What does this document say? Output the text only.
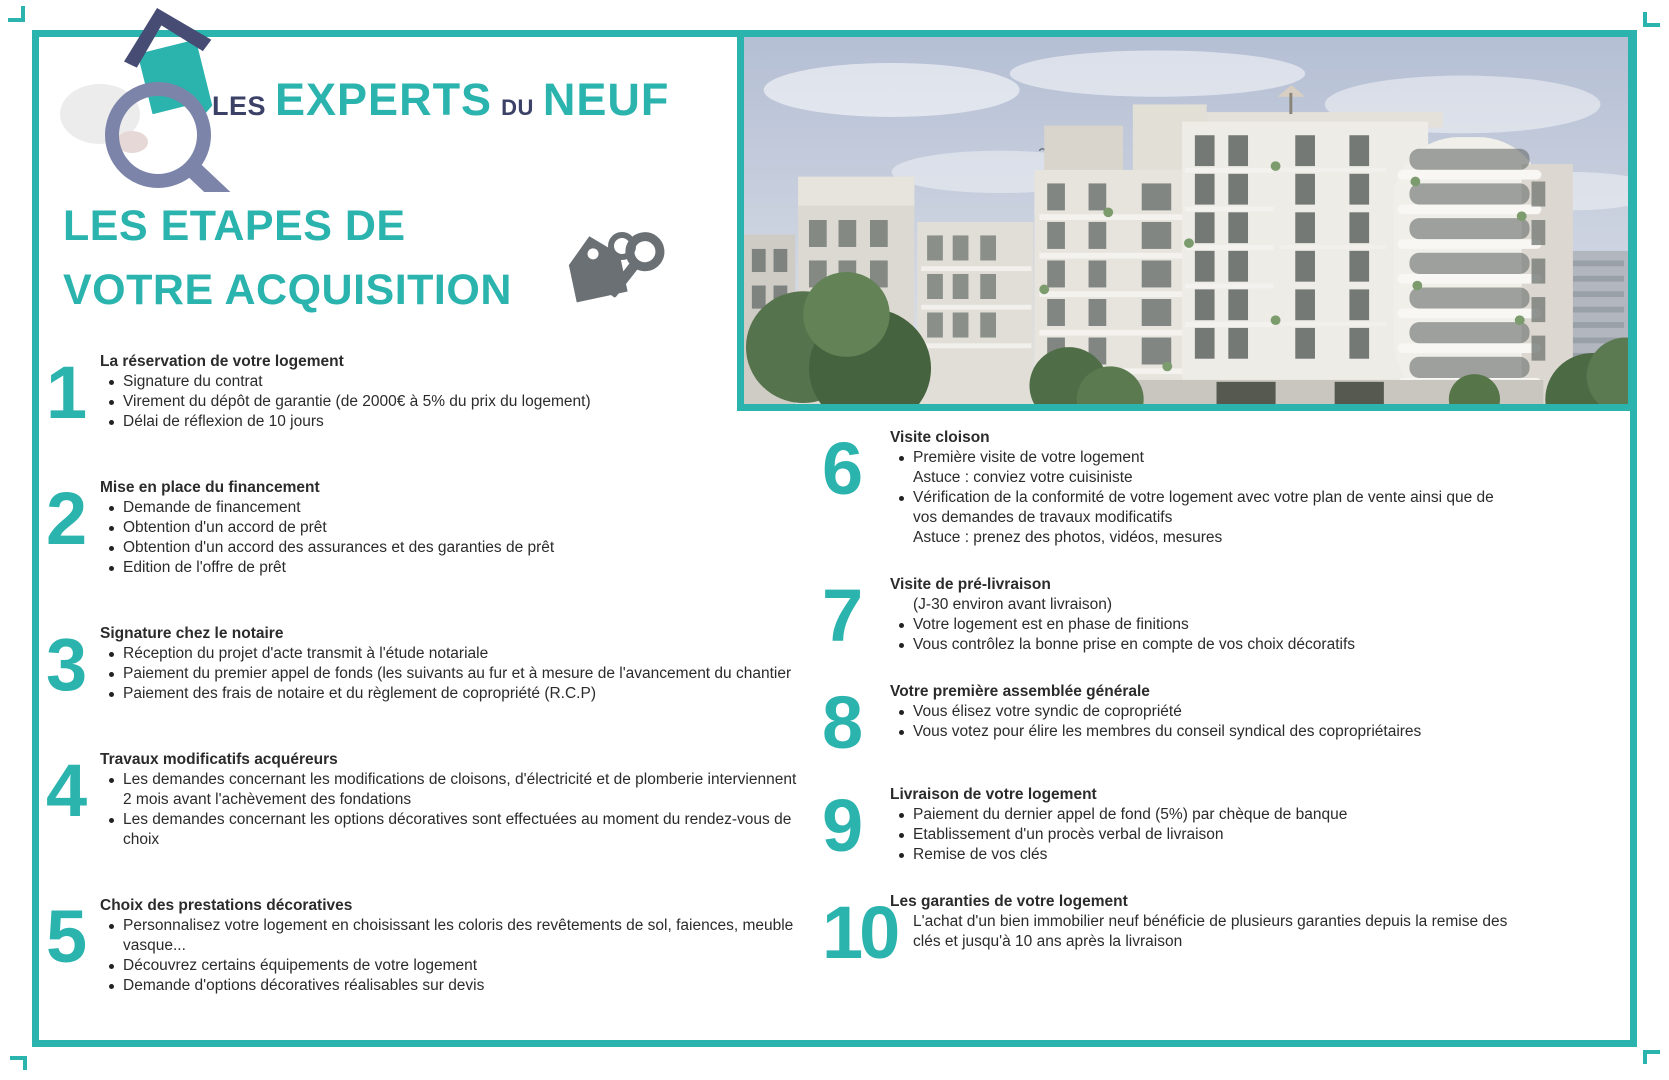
LES EXPERTS DU NEUF
LES ETAPES DE
VOTRE ACQUISITION
1	La réservation de votre logement
Signature du contrat
Virement du dépôt de garantie (de 2000€ à 5% du prix du logement)
Délai de réflexion de 10 jours
2	Mise en place du financement
Demande de financement
Obtention d'un accord de prêt
Obtention d'un accord des assurances et des garanties de prêt
Edition de l'offre de prêt
3	Signature chez le notaire
Réception du projet d'acte transmit à l'étude notariale
Paiement du premier appel de fonds (les suivants au fur et à mesure de l'avancement du chantier
Paiement des frais de notaire et du règlement de copropriété (R.C.P)
4	Travaux modificatifs acquéreurs
Les demandes concernant les modifications de cloisons, d'électricité et de plomberie interviennent 2 mois avant l'achèvement des fondations
Les demandes concernant les options décoratives sont effectuées au moment du rendez-vous de choix
5	Choix des prestations décoratives
Personnalisez votre logement en choisissant les coloris des revêtements de sol, faiences, meuble vasque...
Découvrez certains équipements de votre logement
Demande d'options décoratives réalisables sur devis
6	Visite cloison
Première visite de votre logement
Astuce : conviez votre cuisiniste
Vérification de la conformité de votre logement avec votre plan de vente ainsi que de vos demandes de travaux modificatifs
Astuce : prenez des photos, vidéos, mesures
7	Visite de pré-livraison
(J-30 environ avant livraison)
Votre logement est en phase de finitions
Vous contrôlez la bonne prise en compte de vos choix décoratifs
8	Votre première assemblée générale
Vous élisez votre syndic de copropriété
Vous votez pour élire les membres du conseil syndical des copropriétaires
9	Livraison de votre logement
Paiement du dernier appel de fond (5%) par chèque de banque
Etablissement d'un procès verbal de livraison
Remise de vos clés
10
Les garanties de votre logement
L'achat d'un bien immobilier neuf bénéficie de plusieurs garanties depuis la remise des clés et jusqu'à 10 ans après la livraison
